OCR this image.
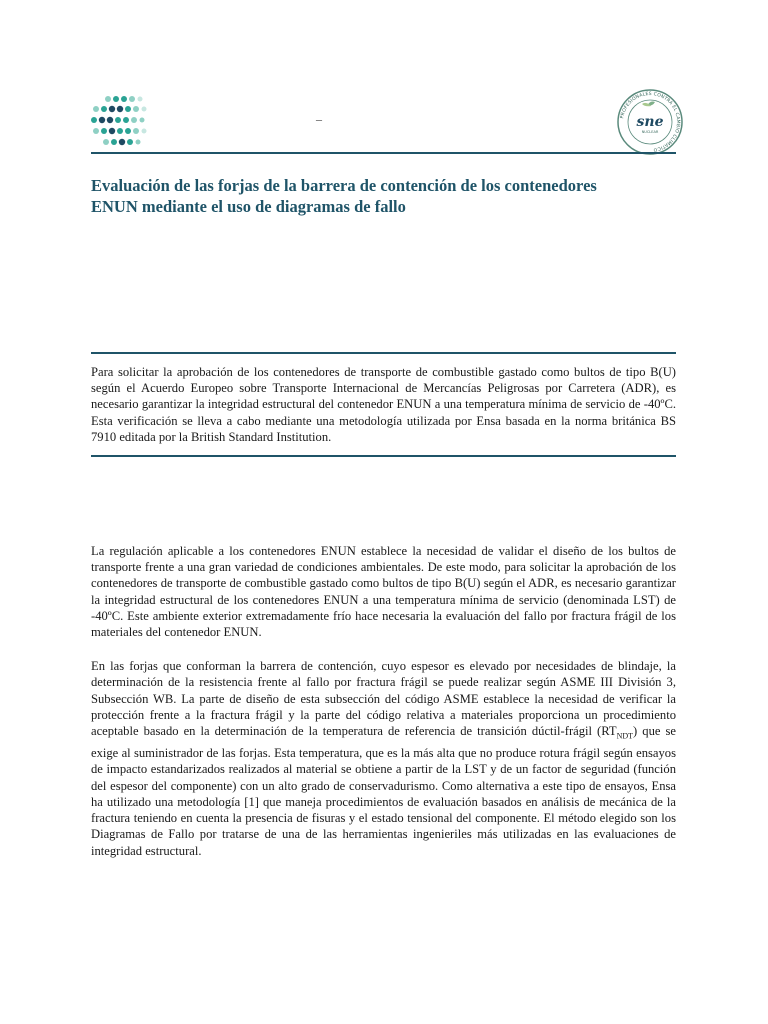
_	PROFESIONALES CONTRA EL CAMBIO CLIMATICO
sne
NUCLEAR
Evaluación de las forjas de la barrera de contención de los contenedores
ENUN mediante el uso de diagramas de fallo

Para solicitar la aprobación de los contenedores de transporte de combustible gastado como bultos de tipo B(U) según el Acuerdo Europeo sobre Transporte Internacional de Mercancías Peligrosas por Carretera (ADR), es necesario garantizar la integridad estructural del contenedor ENUN a una temperatura mínima de servicio de -40ºC. Esta verificación se lleva a cabo mediante una metodología utilizada por Ensa basada en la norma británica BS 7910 editada por la British Standard Institution.

La regulación aplicable a los contenedores ENUN establece la necesidad de validar el diseño de los bultos de transporte frente a una gran variedad de condiciones ambientales. De este modo, para solicitar la aprobación de los contenedores de transporte de combustible gastado como bultos de tipo B(U) según el ADR, es necesario garantizar la integridad estructural de los contenedores ENUN a una temperatura mínima de servicio (denominada LST) de -40ºC. Este ambiente exterior extremadamente frío hace necesaria la evaluación del fallo por fractura frágil de los materiales del contenedor ENUN.

En las forjas que conforman la barrera de contención, cuyo espesor es elevado por necesidades de blindaje, la determinación de la resistencia frente al fallo por fractura frágil se puede realizar según ASME III División 3, Subsección WB. La parte de diseño de esta subsección del código ASME establece la necesidad de verificar la protección frente a la fractura frágil y la parte del código relativa a materiales proporciona un procedimiento aceptable basado en la determinación de la temperatura de referencia de transición dúctil-frágil $(RT_{NDT})$ que se exige al suministrador de las forjas. Esta temperatura, que es la más alta que no produce rotura frágil según ensayos de impacto estandarizados realizados al material se obtiene a partir de la LST y de un factor de seguridad (función del espesor del componente) con un alto grado de conservadurismo. Como alternativa a este tipo de ensayos, Ensa ha utilizado una metodología [1] que maneja procedimientos de evaluación basados en análisis de mecánica de la fractura teniendo en cuenta la presencia de fisuras y el estado tensional del componente. El método elegido son los Diagramas de Fallo por tratarse de una de las herramientas ingenieriles más utilizadas en las evaluaciones de integridad estructural.
